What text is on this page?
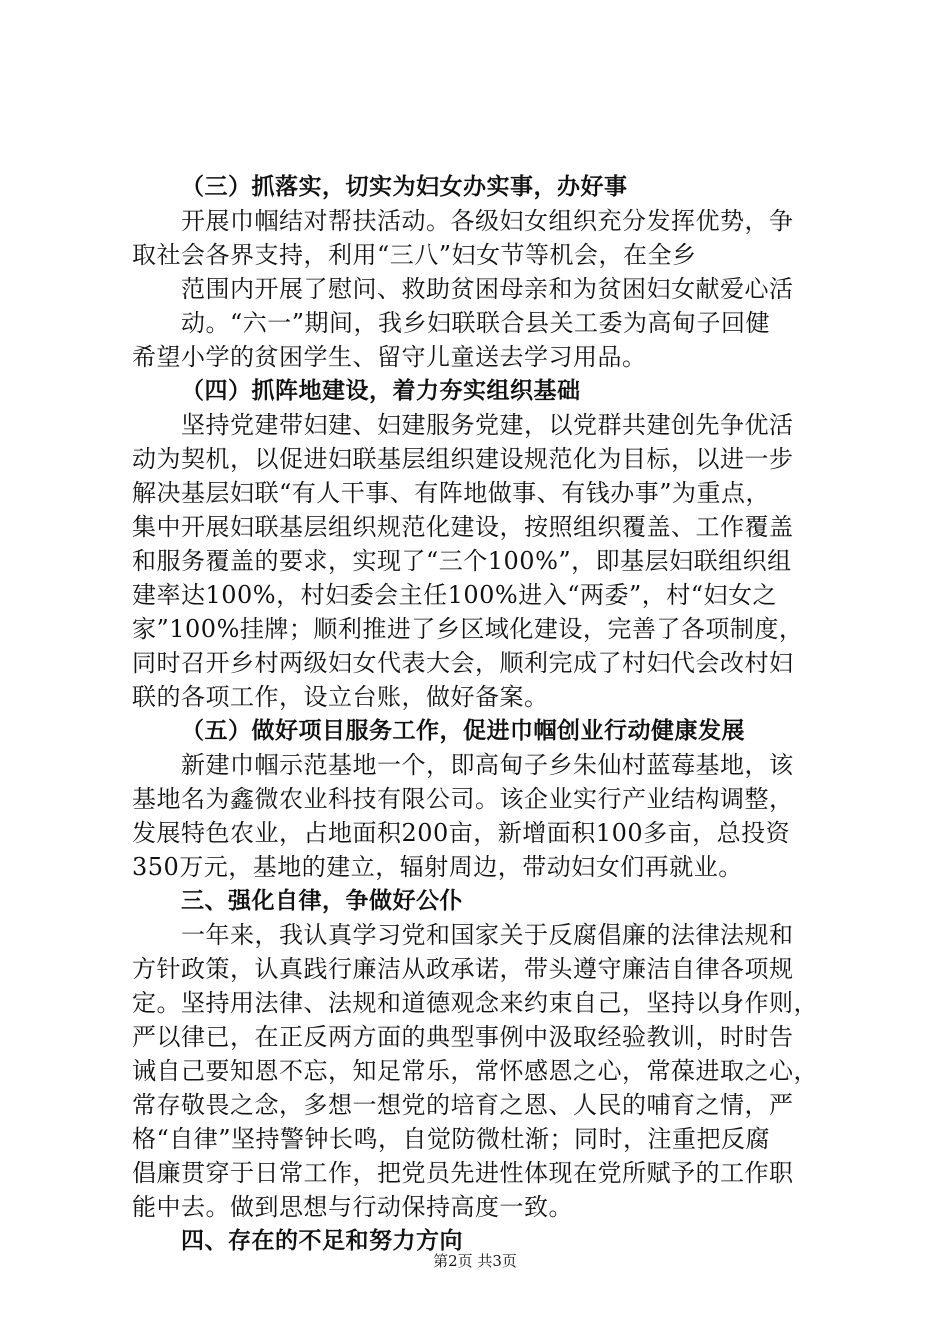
（三）抓落实，切实为妇女办实事，办好事
开展巾帼结对帮扶活动。各级妇女组织充分发挥优势，争
取社会各界支持，利用“三八”妇女节等机会，在全乡
范围内开展了慰问、救助贫困母亲和为贫困妇女献爱心活
动。“六一”期间，我乡妇联联合县关工委为高甸子回健
希望小学的贫困学生、留守儿童送去学习用品。
（四）抓阵地建设，着力夯实组织基础
坚持党建带妇建、妇建服务党建，以党群共建创先争优活
动为契机，以促进妇联基层组织建设规范化为目标，以进一步
解决基层妇联“有人干事、有阵地做事、有钱办事”为重点，
集中开展妇联基层组织规范化建设，按照组织覆盖、工作覆盖
和服务覆盖的要求，实现了“三个100%”，即基层妇联组织组
建率达100%，村妇委会主任100%进入“两委”，村“妇女之
家”100%挂牌；顺利推进了乡区域化建设，完善了各项制度，
同时召开乡村两级妇女代表大会，顺利完成了村妇代会改村妇
联的各项工作，设立台账，做好备案。
（五）做好项目服务工作，促进巾帼创业行动健康发展
新建巾帼示范基地一个，即高甸子乡朱仙村蓝莓基地，该
基地名为鑫微农业科技有限公司。该企业实行产业结构调整，
发展特色农业，占地面积200亩，新增面积100多亩，总投资
350万元，基地的建立，辐射周边，带动妇女们再就业。
三、强化自律，争做好公仆
一年来，我认真学习党和国家关于反腐倡廉的法律法规和
方针政策，认真践行廉洁从政承诺，带头遵守廉洁自律各项规
定。坚持用法律、法规和道德观念来约束自己，坚持以身作则，
严以律已，在正反两方面的典型事例中汲取经验教训，时时告
诫自己要知恩不忘，知足常乐，常怀感恩之心，常葆进取之心，
常存敬畏之念，多想一想党的培育之恩、人民的哺育之情，严
格“自律”坚持警钟长鸣，自觉防微杜渐；同时，注重把反腐
倡廉贯穿于日常工作，把党员先进性体现在党所赋予的工作职
能中去。做到思想与行动保持高度一致。
四、存在的不足和努力方向
第2页 共3页
